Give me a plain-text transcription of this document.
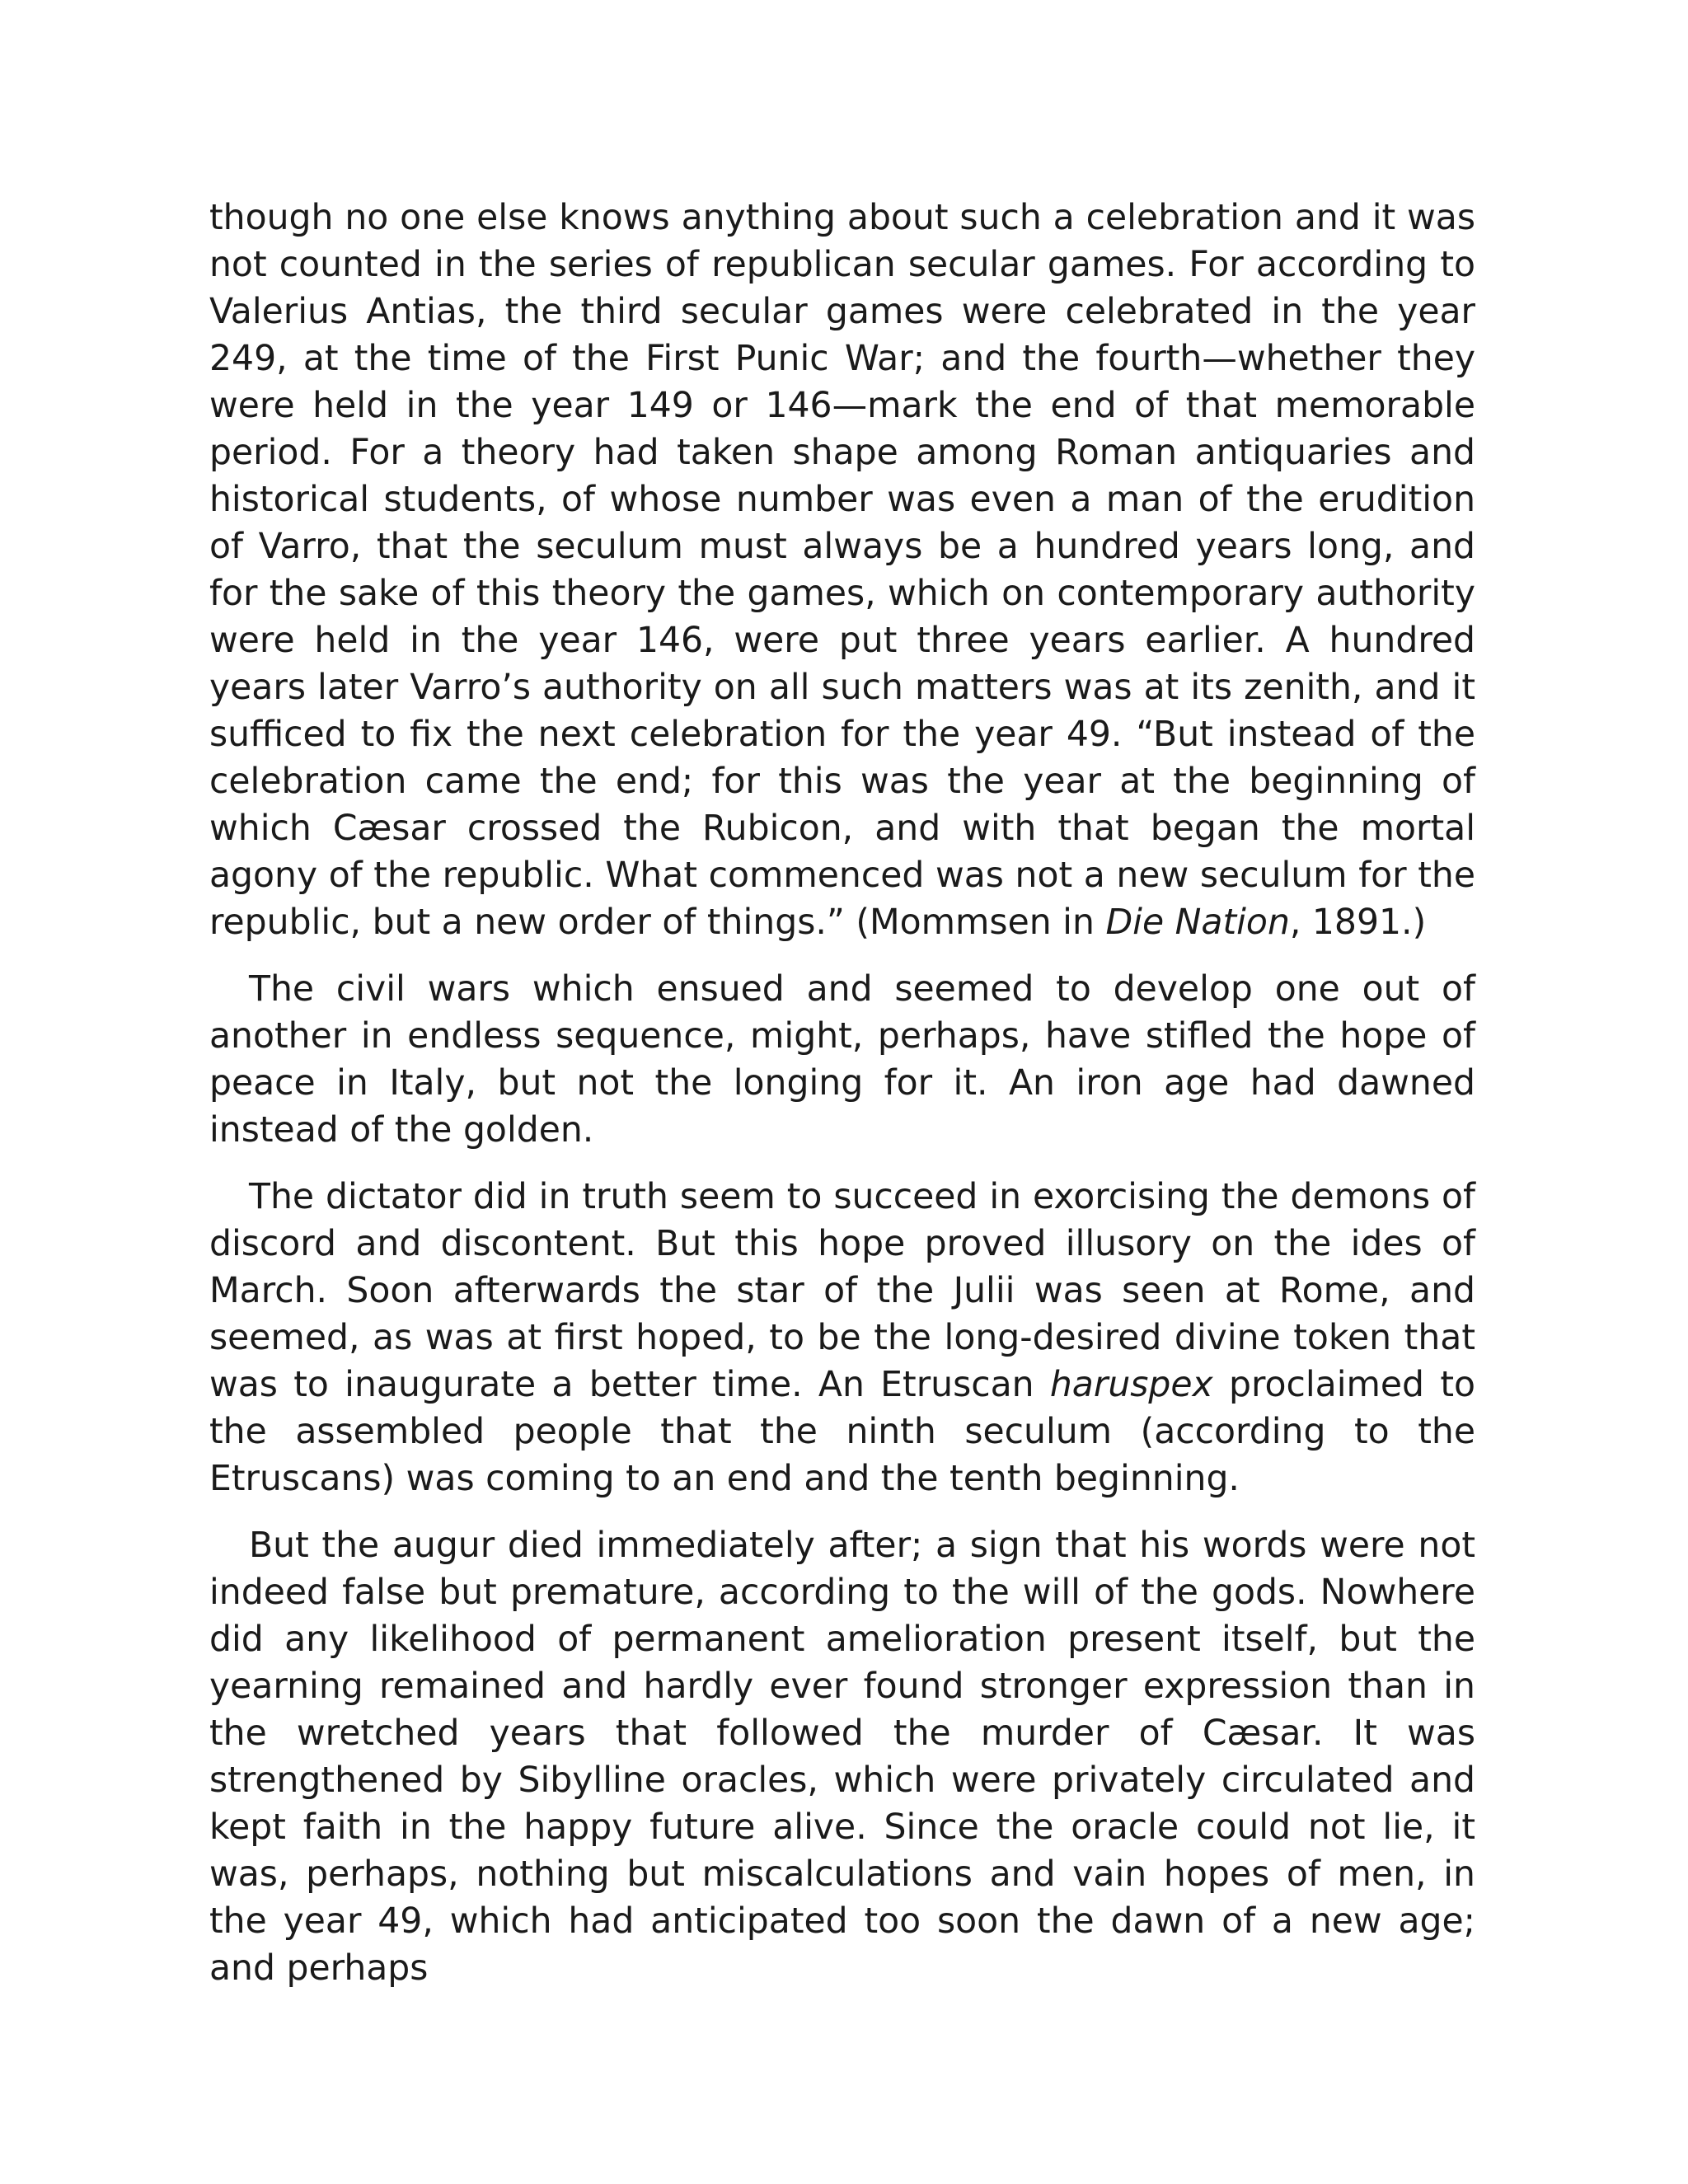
though no one else knows anything about such a celebration and it was not counted in the series of republican secular games. For according to Valerius Antias, the third secular games were celebrated in the year 249, at the time of the First Punic War; and the fourth—whether they were held in the year 149 or 146—mark the end of that memorable period. For a theory had taken shape among Roman antiquaries and historical students, of whose number was even a man of the erudition of Varro, that the seculum must always be a hundred years long, and for the sake of this theory the games, which on contemporary authority were held in the year 146, were put three years earlier. A hundred years later Varro’s authority on all such matters was at its zenith, and it sufficed to fix the next celebration for the year 49. “But instead of the celebration came the end; for this was the year at the beginning of which Cæsar crossed the Rubicon, and with that began the mortal agony of the republic. What commenced was not a new seculum for the republic, but a new order of things.” (Mommsen in Die Nation, 1891.)

The civil wars which ensued and seemed to develop one out of another in endless sequence, might, perhaps, have stifled the hope of peace in Italy, but not the longing for it. An iron age had dawned instead of the golden.

The dictator did in truth seem to succeed in exorcising the demons of discord and discontent. But this hope proved illusory on the ides of March. Soon afterwards the star of the Julii was seen at Rome, and seemed, as was at first hoped, to be the long-desired divine token that was to inaugurate a better time. An Etruscan haruspex proclaimed to the assembled people that the ninth seculum (according to the Etruscans) was coming to an end and the tenth beginning.

But the augur died immediately after; a sign that his words were not indeed false but premature, according to the will of the gods. Nowhere did any likelihood of permanent amelioration present itself, but the yearning remained and hardly ever found stronger expression than in the wretched years that followed the murder of Cæsar. It was strengthened by Sibylline oracles, which were privately circulated and kept faith in the happy future alive. Since the oracle could not lie, it was, perhaps, nothing but miscalculations and vain hopes of men, in the year 49, which had anticipated too soon the dawn of a new age; and perhaps
